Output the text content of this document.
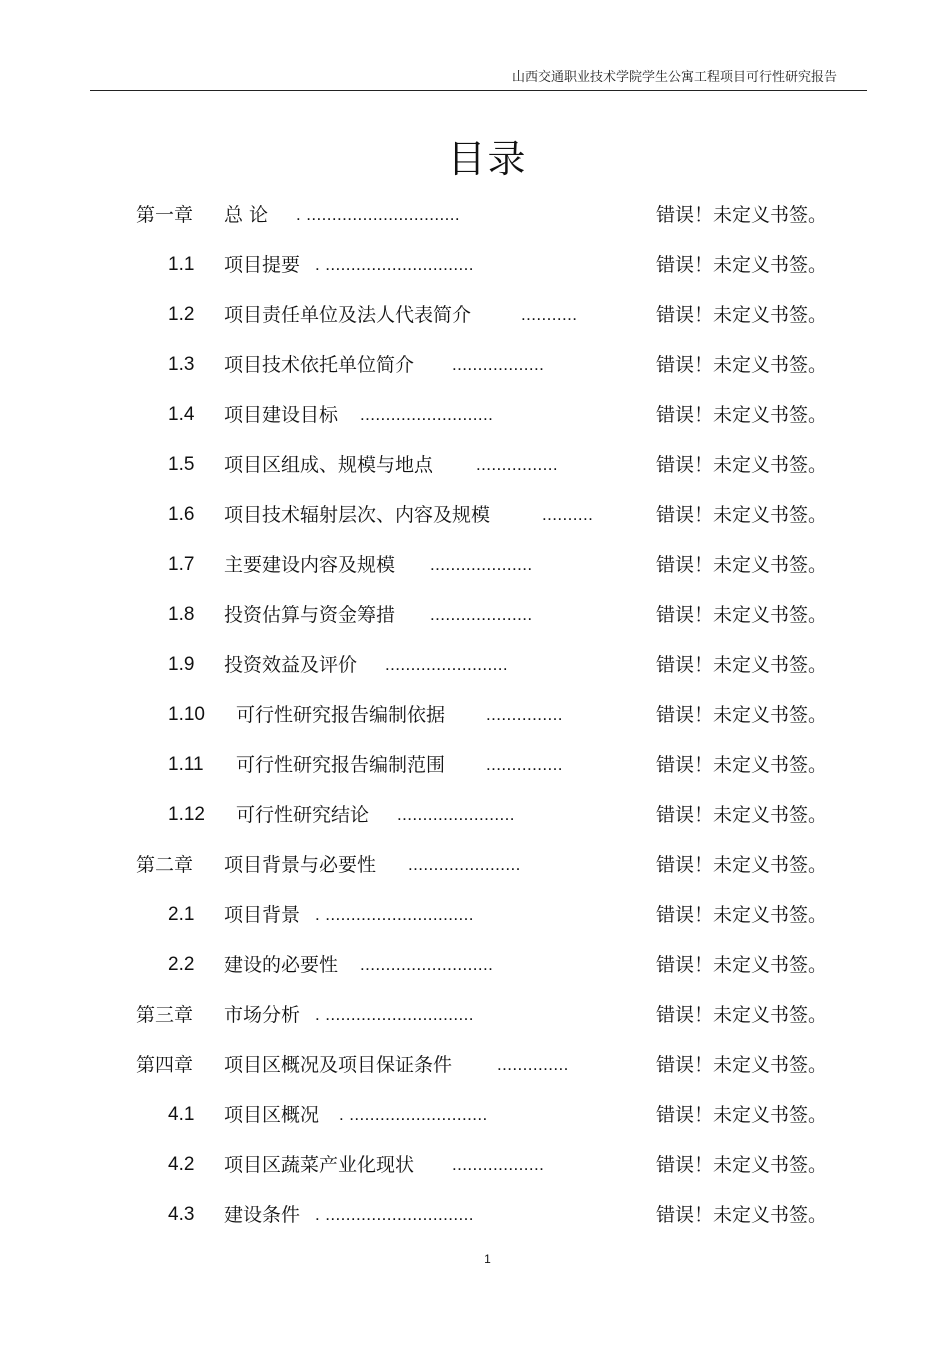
山西交通职业技术学院学生公寓工程项目可行性研究报告
目录
第一章 总 论 . ..............................	错误！未定义书签。
1.1 项目提要 . .............................	错误！未定义书签。
1.2 项目责任单位及法人代表简介	...........	错误！未定义书签。
1.3 项目技术依托单位简介 ..................	错误！未定义书签。
1.4 项目建设目标 ..........................	错误！未定义书签。
1.5 项目区组成、规模与地点	................	错误！未定义书签。
1.6 项目技术辐射层次、内容及规模	..........	错误！未定义书签。
1.7 主要建设内容及规模 ....................	错误！未定义书签。
1.8 投资估算与资金筹措 ....................	错误！未定义书签。
1.9 投资效益及评价 ........................	错误！未定义书签。
1.10 可行性研究报告编制依据 ...............	错误！未定义书签。
1.11 可行性研究报告编制范围 ...............	错误！未定义书签。
1.12 可行性研究结论 .......................	错误！未定义书签。
第二章 项目背景与必要性 ......................	错误！未定义书签。
2.1 项目背景 . .............................	错误！未定义书签。
2.2 建设的必要性 ..........................	错误！未定义书签。
第三章 市场分析 . .............................	错误！未定义书签。
第四章 项目区概况及项目保证条件	..............	错误！未定义书签。
4.1 项目区概况 . ...........................	错误！未定义书签。
4.2 项目区蔬菜产业化现状 ..................	错误！未定义书签。
4.3 建设条件 . .............................	错误！未定义书签。
1
